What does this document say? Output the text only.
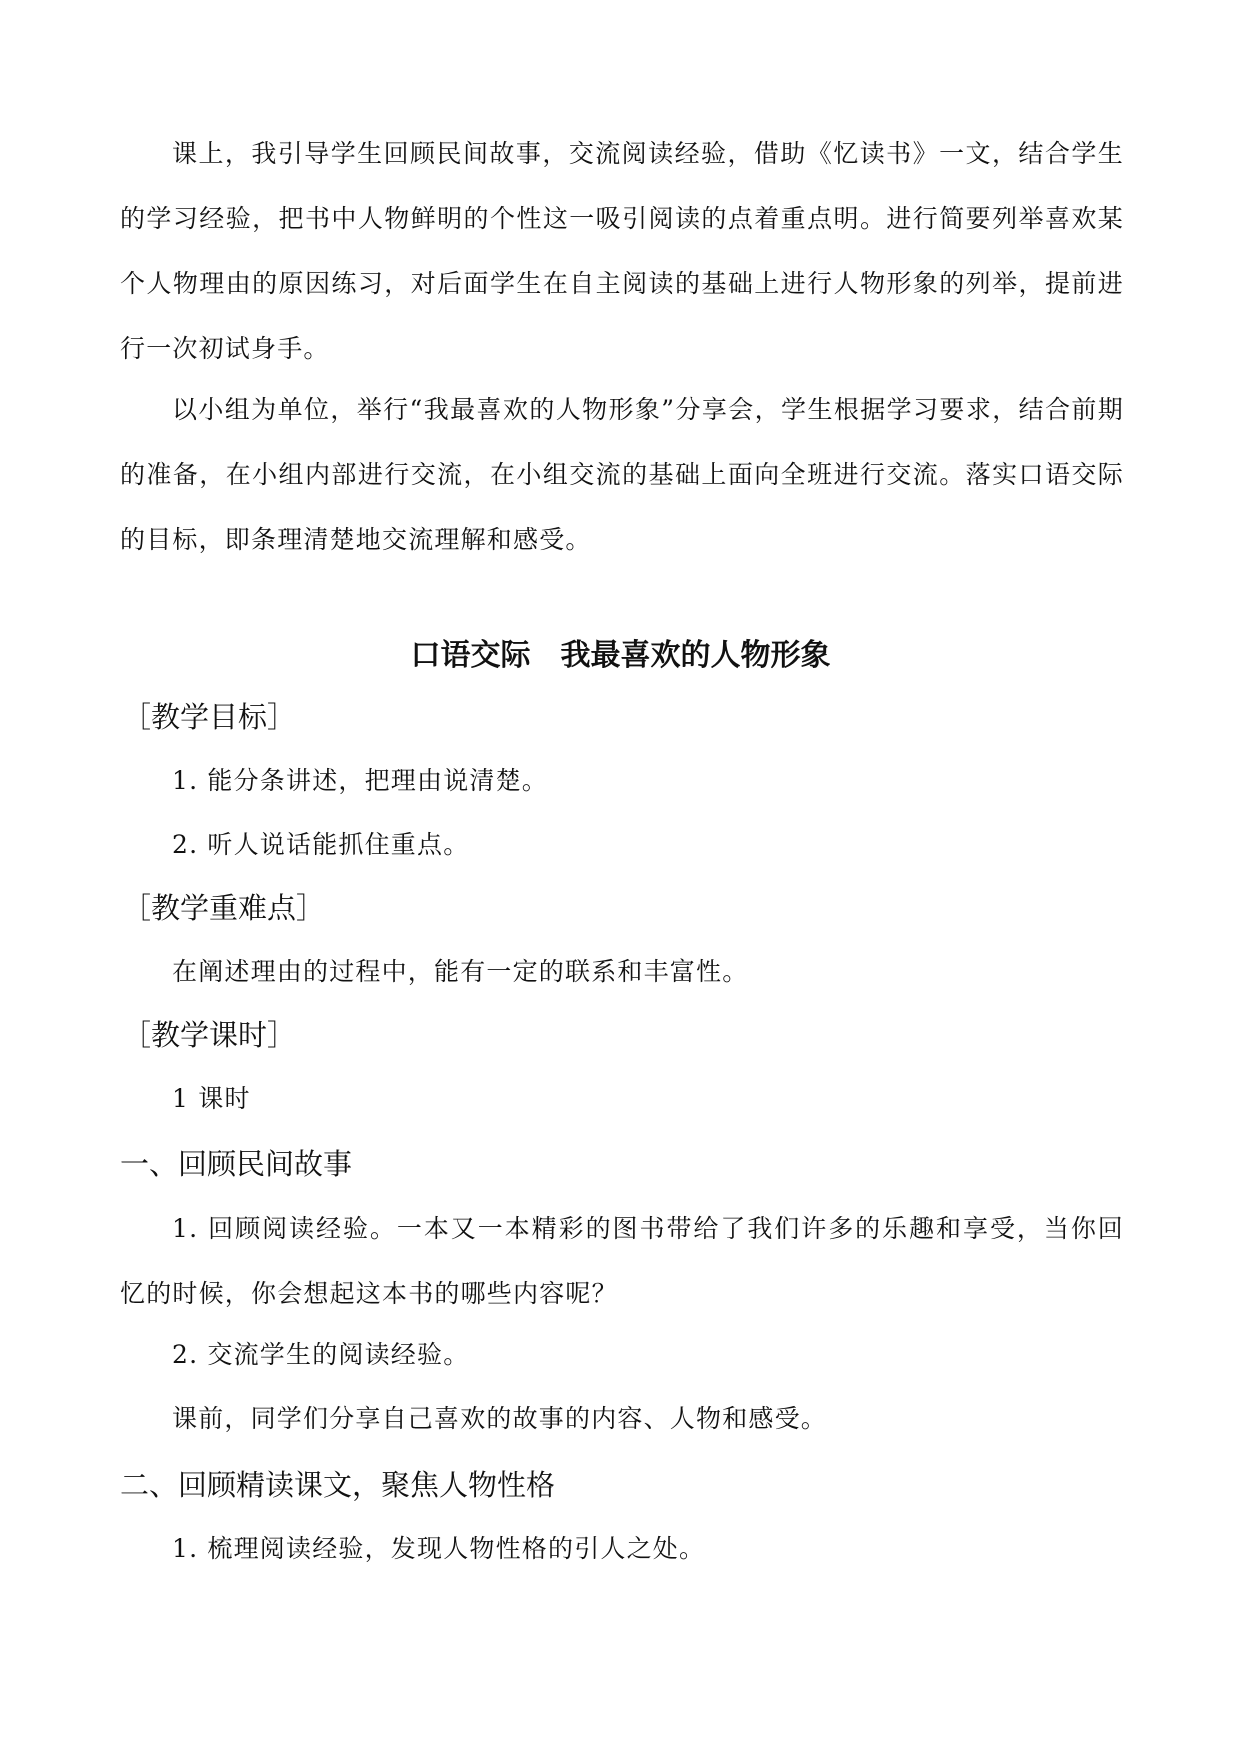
课上，我引导学生回顾民间故事，交流阅读经验，借助《忆读书》一文，结合学生的学习经验，把书中人物鲜明的个性这一吸引阅读的点着重点明。进行简要列举喜欢某个人物理由的原因练习，对后面学生在自主阅读的基础上进行人物形象的列举，提前进行一次初试身手。

以小组为单位，举行“我最喜欢的人物形象”分享会，学生根据学习要求，结合前期的准备，在小组内部进行交流，在小组交流的基础上面向全班进行交流。落实口语交际的目标，即条理清楚地交流理解和感受。

口语交际　我最喜欢的人物形象
［教学目标］
1. 能分条讲述，把理由说清楚。
2. 听人说话能抓住重点。
［教学重难点］
在阐述理由的过程中，能有一定的联系和丰富性。
［教学课时］
1 课时
一、回顾民间故事

1. 回顾阅读经验。一本又一本精彩的图书带给了我们许多的乐趣和享受，当你回忆的时候，你会想起这本书的哪些内容呢？

2. 交流学生的阅读经验。
课前，同学们分享自己喜欢的故事的内容、人物和感受。
二、回顾精读课文，聚焦人物性格
1. 梳理阅读经验，发现人物性格的引人之处。
